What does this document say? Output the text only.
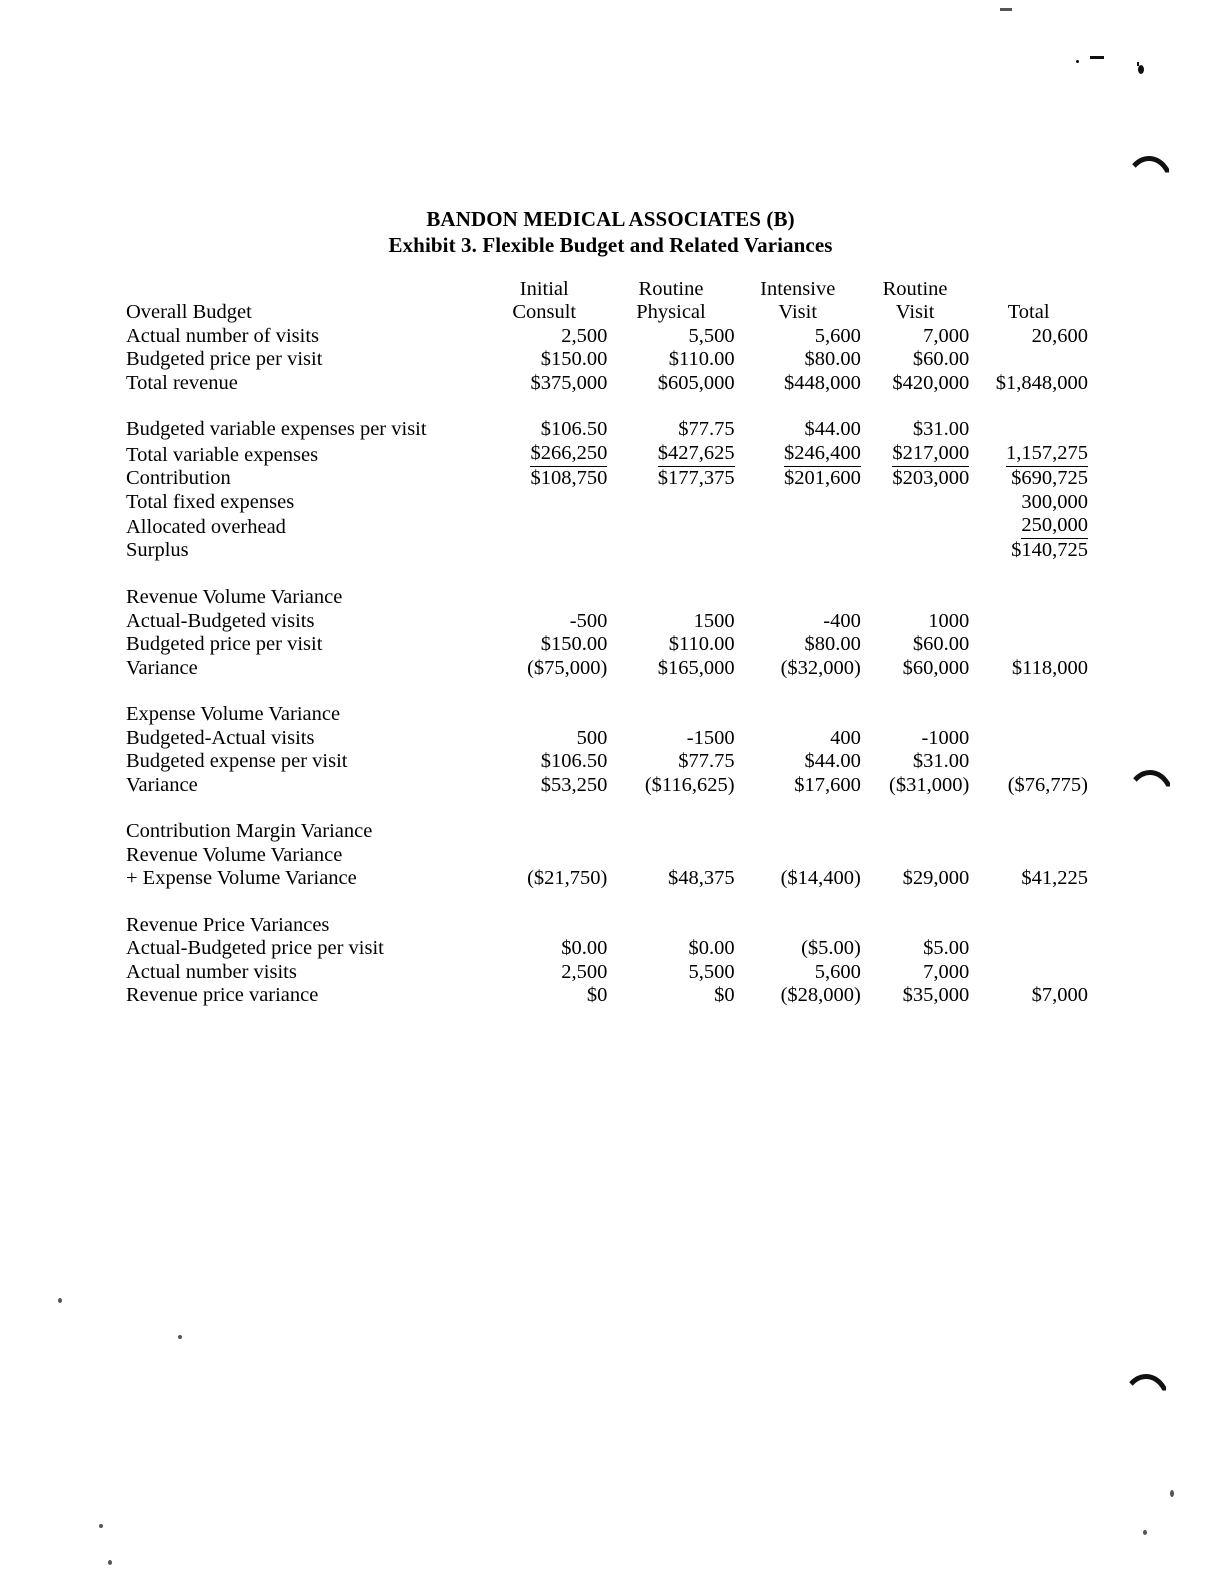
BANDON MEDICAL ASSOCIATES (B)
Exhibit 3. Flexible Budget and Related Variances
	Initial	Routine	Intensive	Routine	
Overall Budget	Consult	Physical	Visit	Visit	Total
Actual number of visits	2,500	5,500	5,600	7,000	20,600
Budgeted price per visit	$150.00	$110.00	$80.00	$60.00	
Total revenue	$375,000	$605,000	$448,000	$420,000	$1,848,000

Budgeted variable expenses per visit	$106.50	$77.75	$44.00	$31.00	
Total variable expenses	$266,250	$427,625	$246,400	$217,000	1,157,275
Contribution	$108,750	$177,375	$201,600	$203,000	$690,725
Total fixed expenses					300,000
Allocated overhead					250,000
Surplus					$140,725

Revenue Volume Variance					
Actual-Budgeted visits	-500	1500	-400	1000	
Budgeted price per visit	$150.00	$110.00	$80.00	$60.00	
Variance	($75,000)	$165,000	($32,000)	$60,000	$118,000

Expense Volume Variance					
Budgeted-Actual visits	500	-1500	400	-1000	
Budgeted expense per visit	$106.50	$77.75	$44.00	$31.00	
Variance	$53,250	($116,625)	$17,600	($31,000)	($76,775)

Contribution Margin Variance					
Revenue Volume Variance					
+ Expense Volume Variance	($21,750)	$48,375	($14,400)	$29,000	$41,225

Revenue Price Variances					
Actual-Budgeted price per visit	$0.00	$0.00	($5.00)	$5.00	
Actual number visits	2,500	5,500	5,600	7,000	
Revenue price variance	$0	$0	($28,000)	$35,000	$7,000
